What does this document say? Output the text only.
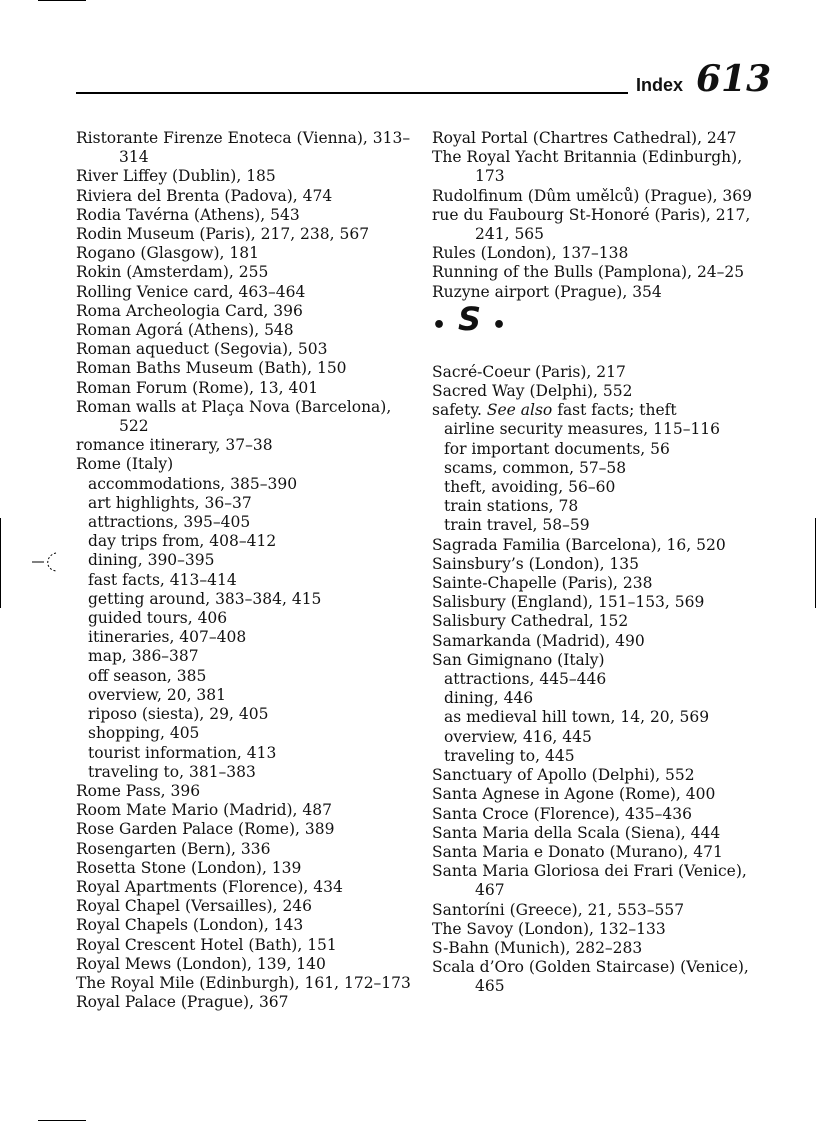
Index 613
Ristorante Firenze Enoteca (Vienna), 313–314
River Liffey (Dublin), 185
Riviera del Brenta (Padova), 474
Rodia Tavérna (Athens), 543
Rodin Museum (Paris), 217, 238, 567
Rogano (Glasgow), 181
Rokin (Amsterdam), 255
Rolling Venice card, 463–464
Roma Archeologia Card, 396
Roman Agorá (Athens), 548
Roman aqueduct (Segovia), 503
Roman Baths Museum (Bath), 150
Roman Forum (Rome), 13, 401
Roman walls at Plaça Nova (Barcelona), 522
romance itinerary, 37–38
Rome (Italy)
accommodations, 385–390
art highlights, 36–37
attractions, 395–405
day trips from, 408–412
dining, 390–395
fast facts, 413–414
getting around, 383–384, 415
guided tours, 406
itineraries, 407–408
map, 386–387
off season, 385
overview, 20, 381
riposo (siesta), 29, 405
shopping, 405
tourist information, 413
traveling to, 381–383
Rome Pass, 396
Room Mate Mario (Madrid), 487
Rose Garden Palace (Rome), 389
Rosengarten (Bern), 336
Rosetta Stone (London), 139
Royal Apartments (Florence), 434
Royal Chapel (Versailles), 246
Royal Chapels (London), 143
Royal Crescent Hotel (Bath), 151
Royal Mews (London), 139, 140
The Royal Mile (Edinburgh), 161, 172–173
Royal Palace (Prague), 367
Royal Portal (Chartres Cathedral), 247
The Royal Yacht Britannia (Edinburgh), 173
Rudolfinum (Dûm umělců) (Prague), 369
rue du Faubourg St-Honoré (Paris), 217, 241, 565
Rules (London), 137–138
Running of the Bulls (Pamplona), 24–25
Ruzyne airport (Prague), 354
• S •
Sacré-Coeur (Paris), 217
Sacred Way (Delphi), 552
safety. See also fast facts; theft
airline security measures, 115–116
for important documents, 56
scams, common, 57–58
theft, avoiding, 56–60
train stations, 78
train travel, 58–59
Sagrada Familia (Barcelona), 16, 520
Sainsbury’s (London), 135
Sainte-Chapelle (Paris), 238
Salisbury (England), 151–153, 569
Salisbury Cathedral, 152
Samarkanda (Madrid), 490
San Gimignano (Italy)
attractions, 445–446
dining, 446
as medieval hill town, 14, 20, 569
overview, 416, 445
traveling to, 445
Sanctuary of Apollo (Delphi), 552
Santa Agnese in Agone (Rome), 400
Santa Croce (Florence), 435–436
Santa Maria della Scala (Siena), 444
Santa Maria e Donato (Murano), 471
Santa Maria Gloriosa dei Frari (Venice), 467
Santoríni (Greece), 21, 553–557
The Savoy (London), 132–133
S-Bahn (Munich), 282–283
Scala d’Oro (Golden Staircase) (Venice), 465
